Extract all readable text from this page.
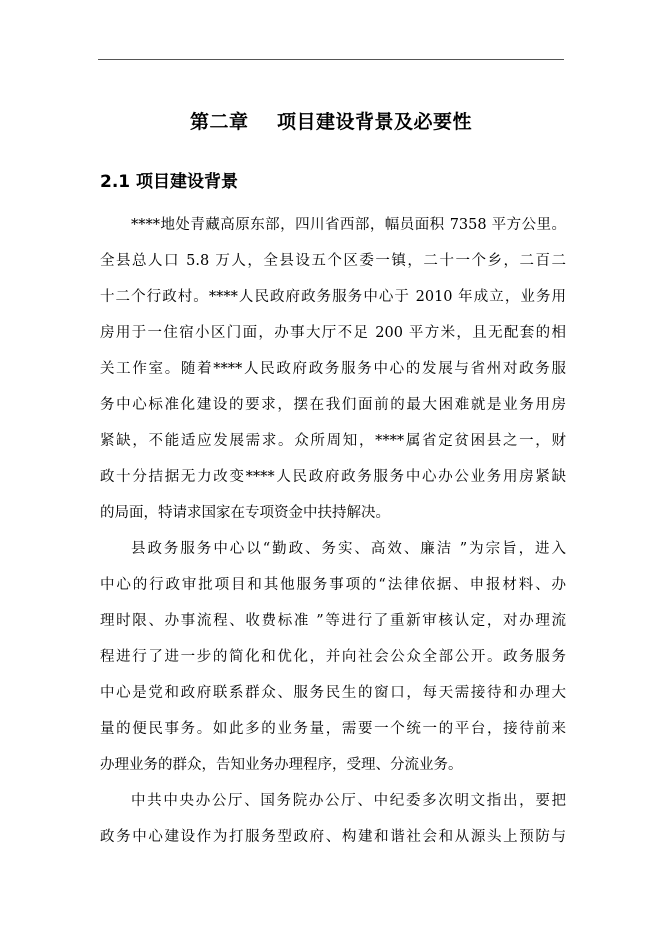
第二章    项目建设背景及必要性
2.1 项目建设背景
****地处青藏高原东部，四川省西部，幅员面积 7358 平方公里。
全县总人口 5.8 万人，全县设五个区委一镇，二十一个乡，二百二
十二个行政村。****人民政府政务服务中心于 2010 年成立，业务用
房用于一住宿小区门面，办事大厅不足 200 平方米，且无配套的相
关工作室。随着****人民政府政务服务中心的发展与省州对政务服
务中心标准化建设的要求，摆在我们面前的最大困难就是业务用房
紧缺，不能适应发展需求。众所周知，****属省定贫困县之一，财
政十分拮据无力改变****人民政府政务服务中心办公业务用房紧缺
的局面，特请求国家在专项资金中扶持解决。
县政务服务中心以“勤政、务实、高效、廉洁 ”为宗旨，进入
中心的行政审批项目和其他服务事项的“法律依据、申报材料、办
理时限、办事流程、收费标准 ”等进行了重新审核认定，对办理流
程进行了进一步的简化和优化，并向社会公众全部公开。政务服务
中心是党和政府联系群众、服务民生的窗口，每天需接待和办理大
量的便民事务。如此多的业务量，需要一个统一的平台，接待前来
办理业务的群众，告知业务办理程序，受理、分流业务。
中共中央办公厅、国务院办公厅、中纪委多次明文指出，要把
政务中心建设作为打服务型政府、构建和谐社会和从源头上预防与
